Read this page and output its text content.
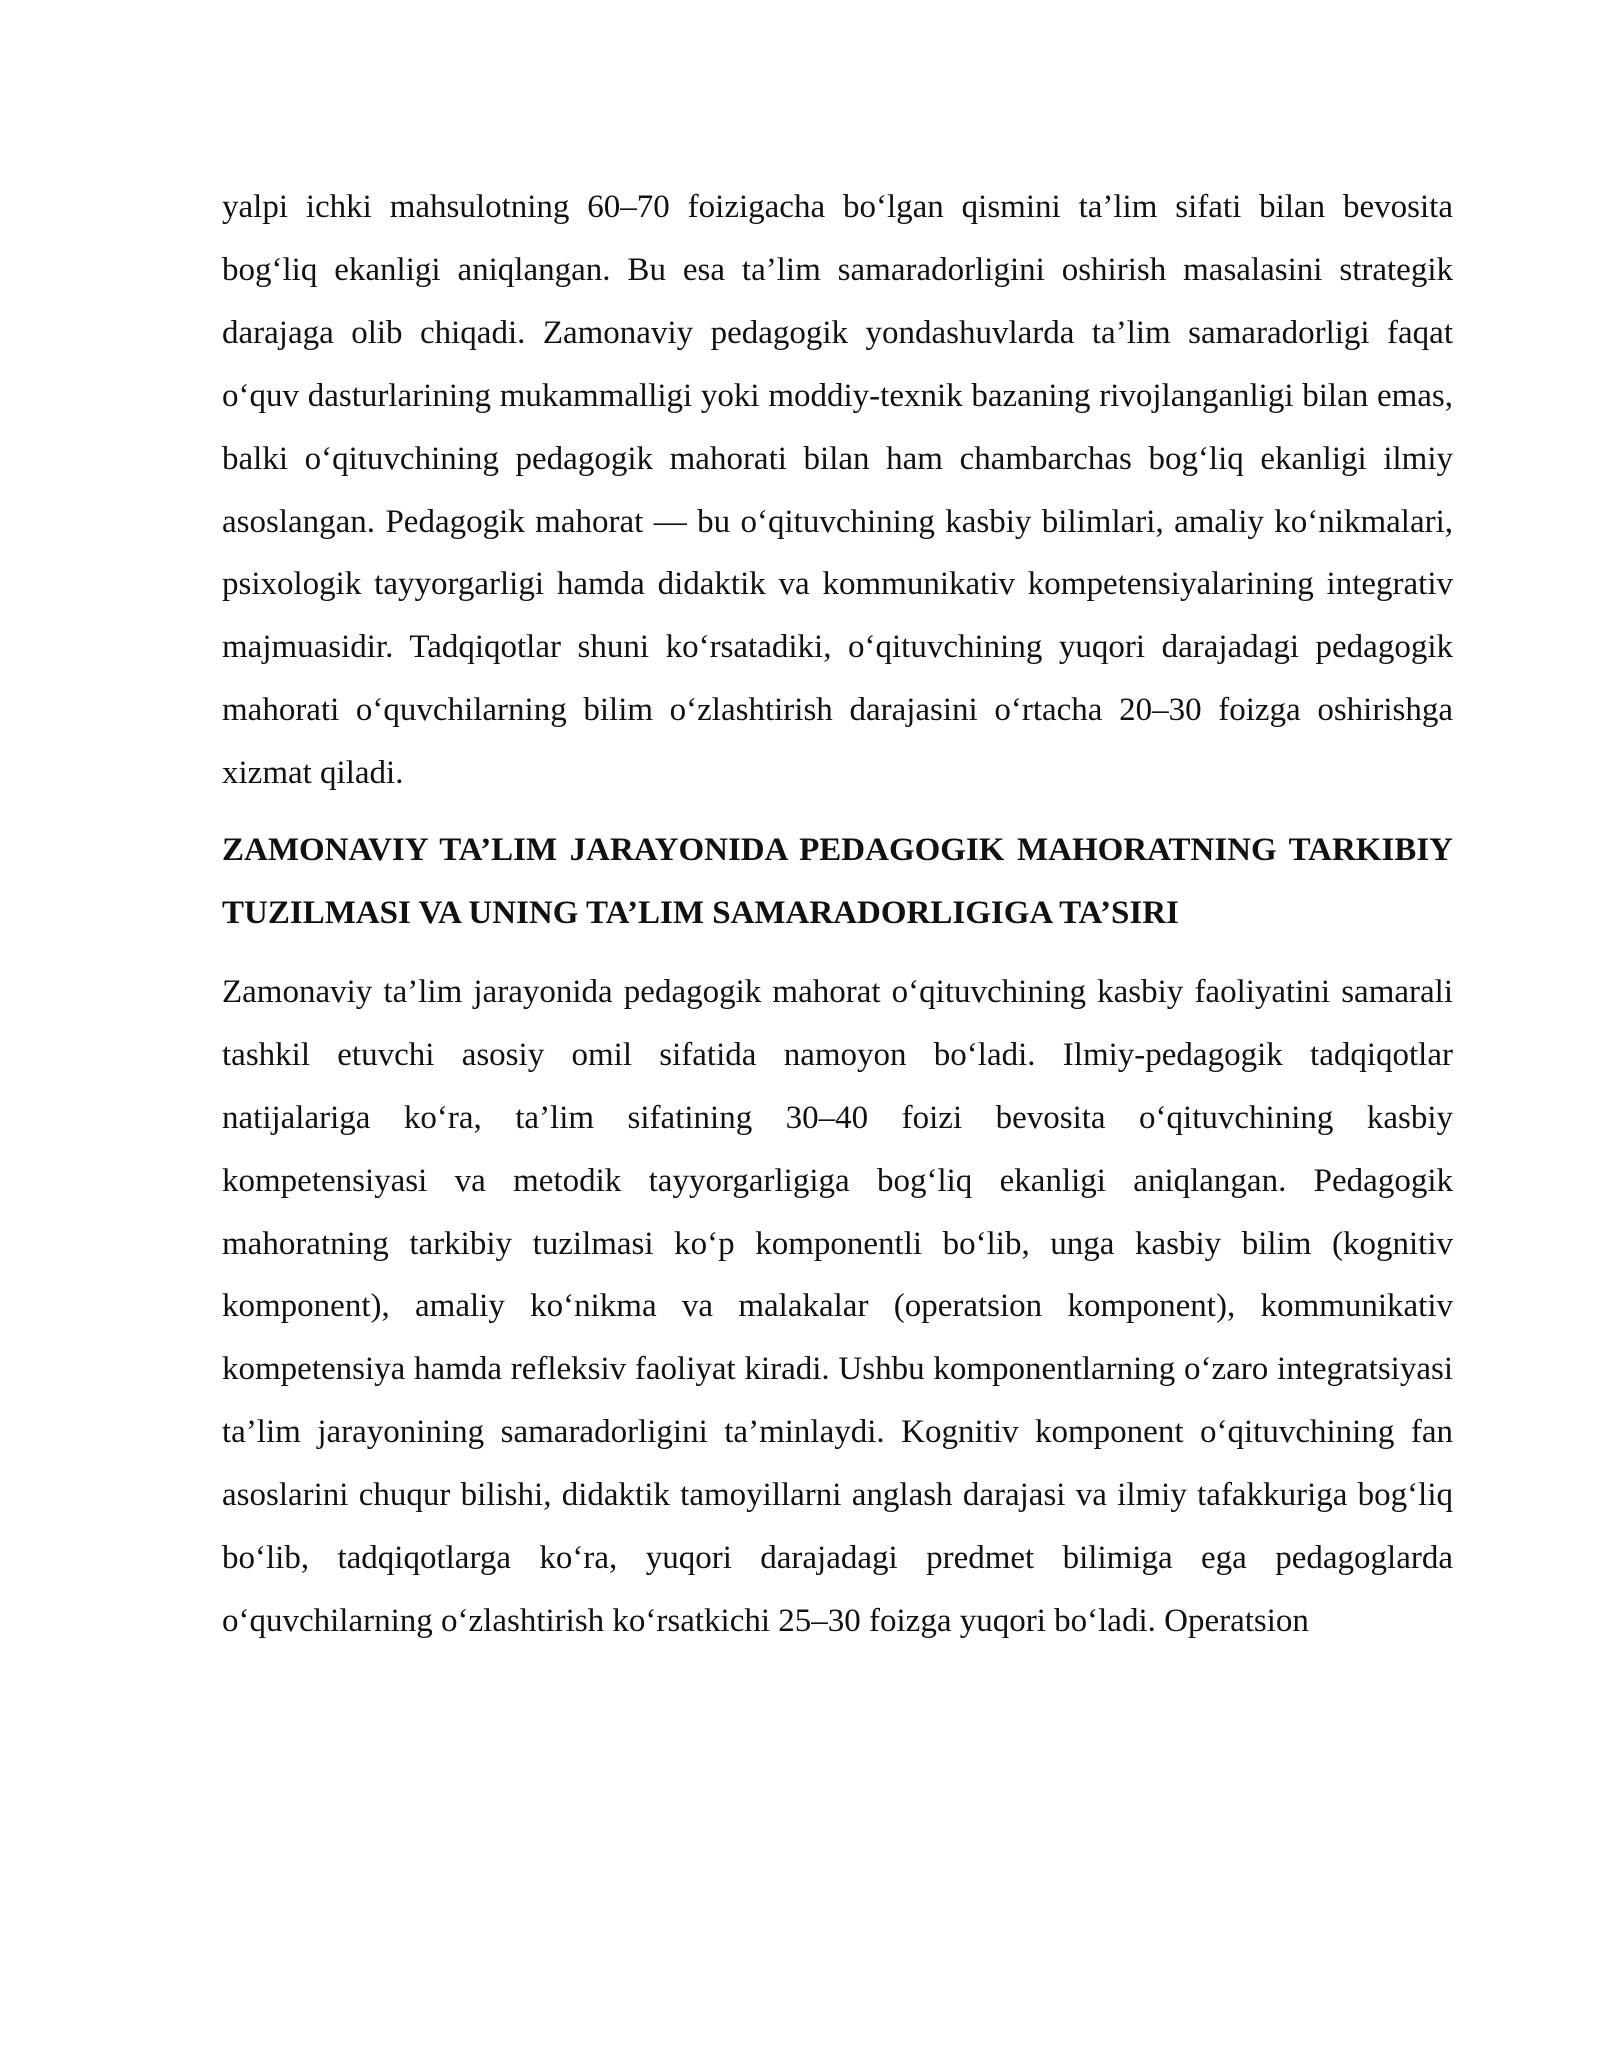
yalpi ichki mahsulotning 60–70 foizigacha bo‘lgan qismini ta’lim sifati bilan bevosita bog‘liq ekanligi aniqlangan. Bu esa ta’lim samaradorligini oshirish masalasini strategik darajaga olib chiqadi. Zamonaviy pedagogik yondashuvlarda ta’lim samaradorligi faqat o‘quv dasturlarining mukammalligi yoki moddiy-texnik bazaning rivojlanganligi bilan emas, balki o‘qituvchining pedagogik mahorati bilan ham chambarchas bog‘liq ekanligi ilmiy asoslangan. Pedagogik mahorat — bu o‘qituvchining kasbiy bilimlari, amaliy ko‘nikmalari, psixologik tayyorgarligi hamda didaktik va kommunikativ kompetensiyalarining integrativ majmuasidir. Tadqiqotlar shuni ko‘rsatadiki, o‘qituvchining yuqori darajadagi pedagogik mahorati o‘quvchilarning bilim o‘zlashtirish darajasini o‘rtacha 20–30 foizga oshirishga xizmat qiladi.

ZAMONAVIY TA’LIM JARAYONIDA PEDAGOGIK MAHORATNING TARKIBIY TUZILMASI VA UNING TA’LIM SAMARADORLIGIGA TA’SIRI

Zamonaviy ta’lim jarayonida pedagogik mahorat o‘qituvchining kasbiy faoliyatini samarali tashkil etuvchi asosiy omil sifatida namoyon bo‘ladi. Ilmiy-pedagogik tadqiqotlar natijalariga ko‘ra, ta’lim sifatining 30–40 foizi bevosita o‘qituvchining kasbiy kompetensiyasi va metodik tayyorgarligiga bog‘liq ekanligi aniqlangan. Pedagogik mahoratning tarkibiy tuzilmasi ko‘p komponentli bo‘lib, unga kasbiy bilim (kognitiv komponent), amaliy ko‘nikma va malakalar (operatsion komponent), kommunikativ kompetensiya hamda refleksiv faoliyat kiradi. Ushbu komponentlarning o‘zaro integratsiyasi ta’lim jarayonining samaradorligini ta’minlaydi. Kognitiv komponent o‘qituvchining fan asoslarini chuqur bilishi, didaktik tamoyillarni anglash darajasi va ilmiy tafakkuriga bog‘liq bo‘lib, tadqiqotlarga ko‘ra, yuqori darajadagi predmet bilimiga ega pedagoglarda o‘quvchilarning o‘zlashtirish ko‘rsatkichi 25–30 foizga yuqori bo‘ladi. Operatsion
